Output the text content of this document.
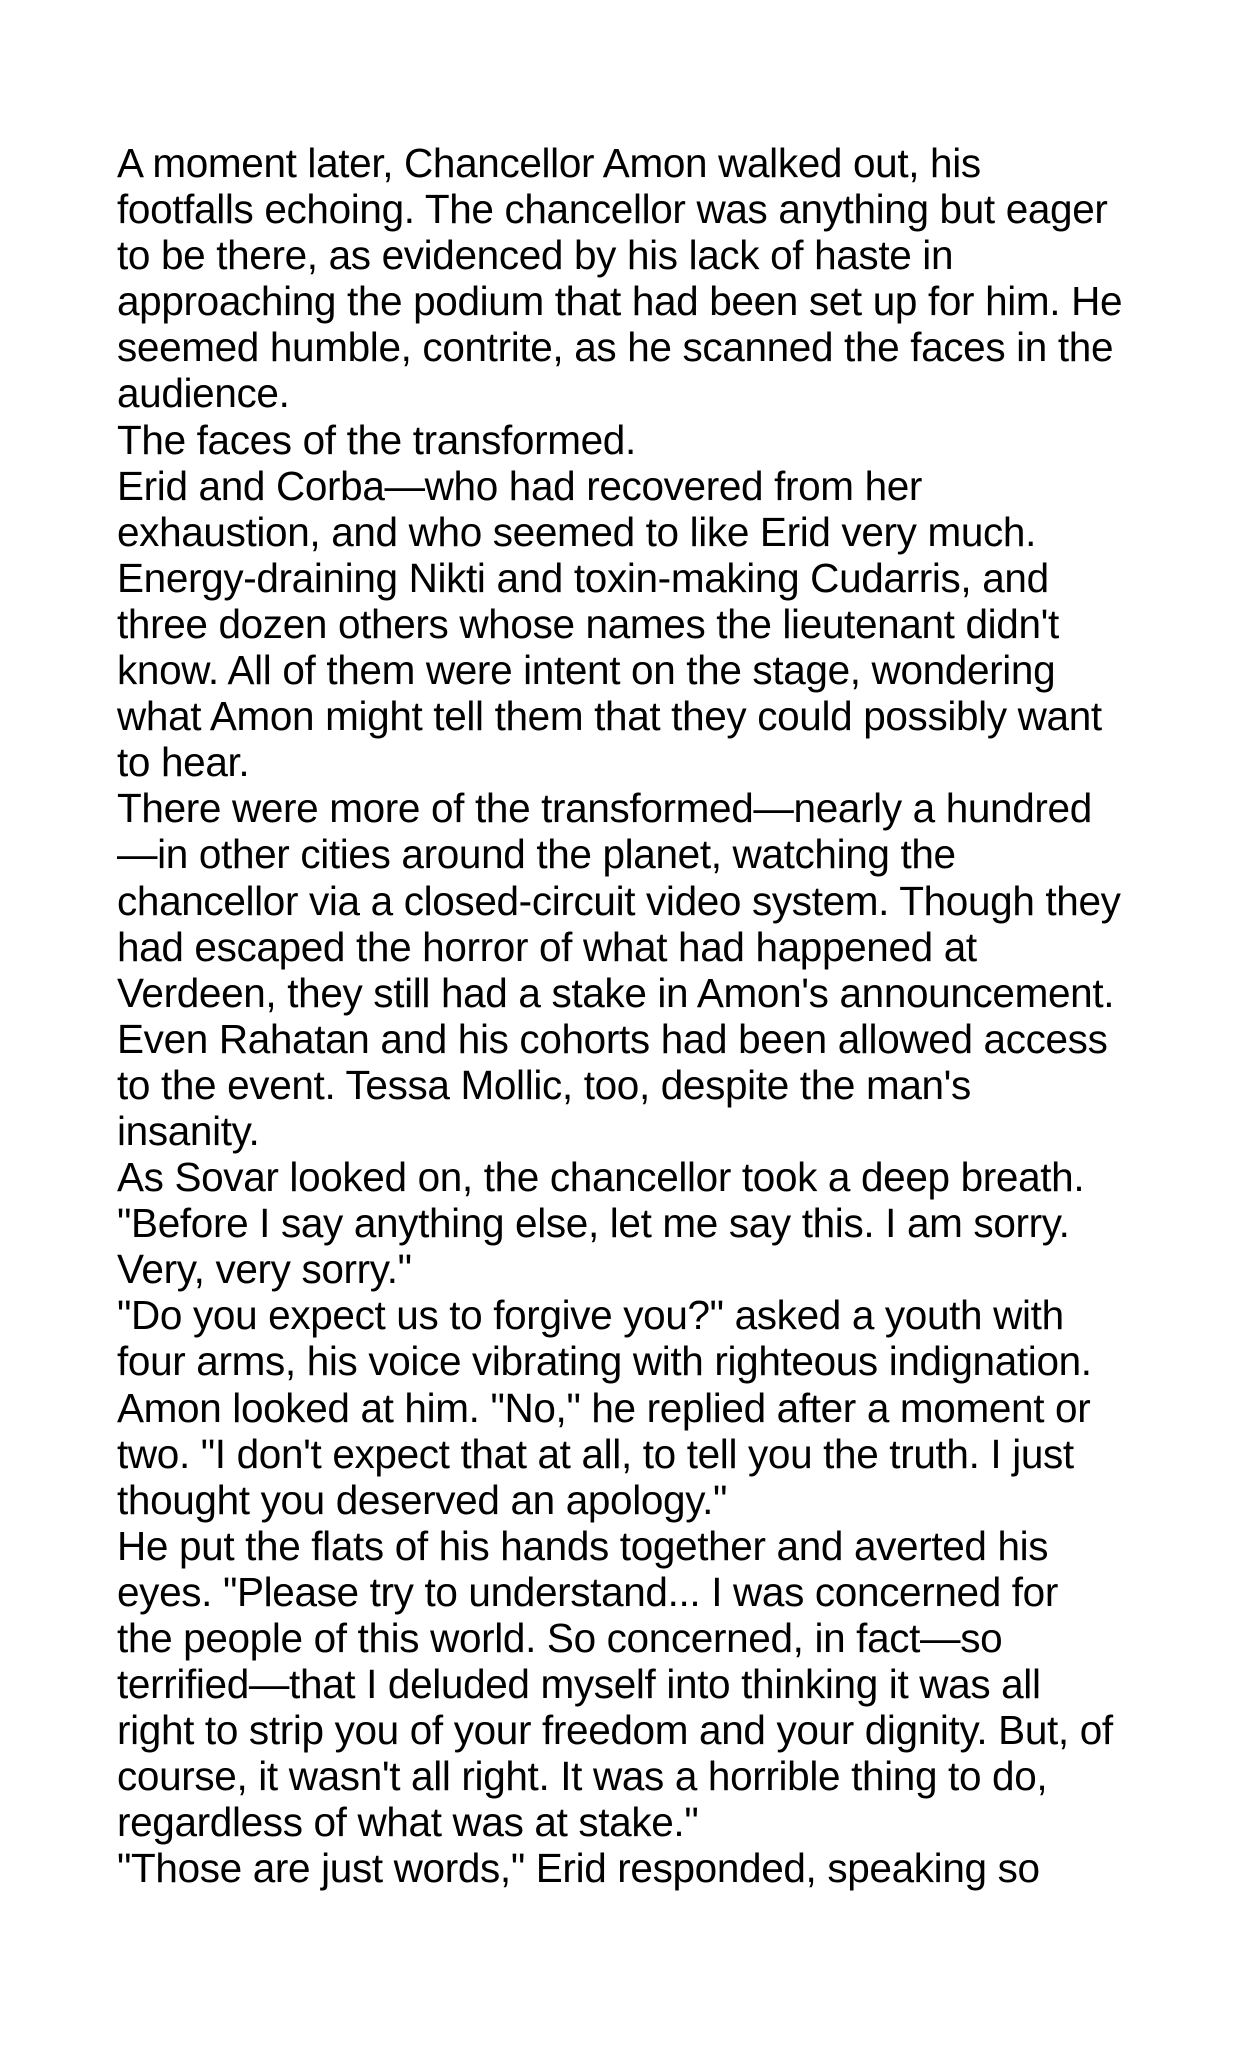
A moment later, Chancellor Amon walked out, his
footfalls echoing. The chancellor was anything but eager
to be there, as evidenced by his lack of haste in
approaching the podium that had been set up for him. He
seemed humble, contrite, as he scanned the faces in the
audience.
The faces of the transformed.
Erid and Corba—who had recovered from her
exhaustion, and who seemed to like Erid very much.
Energy-draining Nikti and toxin-making Cudarris, and
three dozen others whose names the lieutenant didn't
know. All of them were intent on the stage, wondering
what Amon might tell them that they could possibly want
to hear.
There were more of the transformed—nearly a hundred
—in other cities around the planet, watching the
chancellor via a closed-circuit video system. Though they
had escaped the horror of what had happened at
Verdeen, they still had a stake in Amon's announcement.
Even Rahatan and his cohorts had been allowed access
to the event. Tessa Mollic, too, despite the man's
insanity.
As Sovar looked on, the chancellor took a deep breath.
"Before I say anything else, let me say this. I am sorry.
Very, very sorry."
"Do you expect us to forgive you?" asked a youth with
four arms, his voice vibrating with righteous indignation.
Amon looked at him. "No," he replied after a moment or
two. "I don't expect that at all, to tell you the truth. I just
thought you deserved an apology."
He put the flats of his hands together and averted his
eyes. "Please try to understand... I was concerned for
the people of this world. So concerned, in fact—so
terrified—that I deluded myself into thinking it was all
right to strip you of your freedom and your dignity. But, of
course, it wasn't all right. It was a horrible thing to do,
regardless of what was at stake."
"Those are just words," Erid responded, speaking so
